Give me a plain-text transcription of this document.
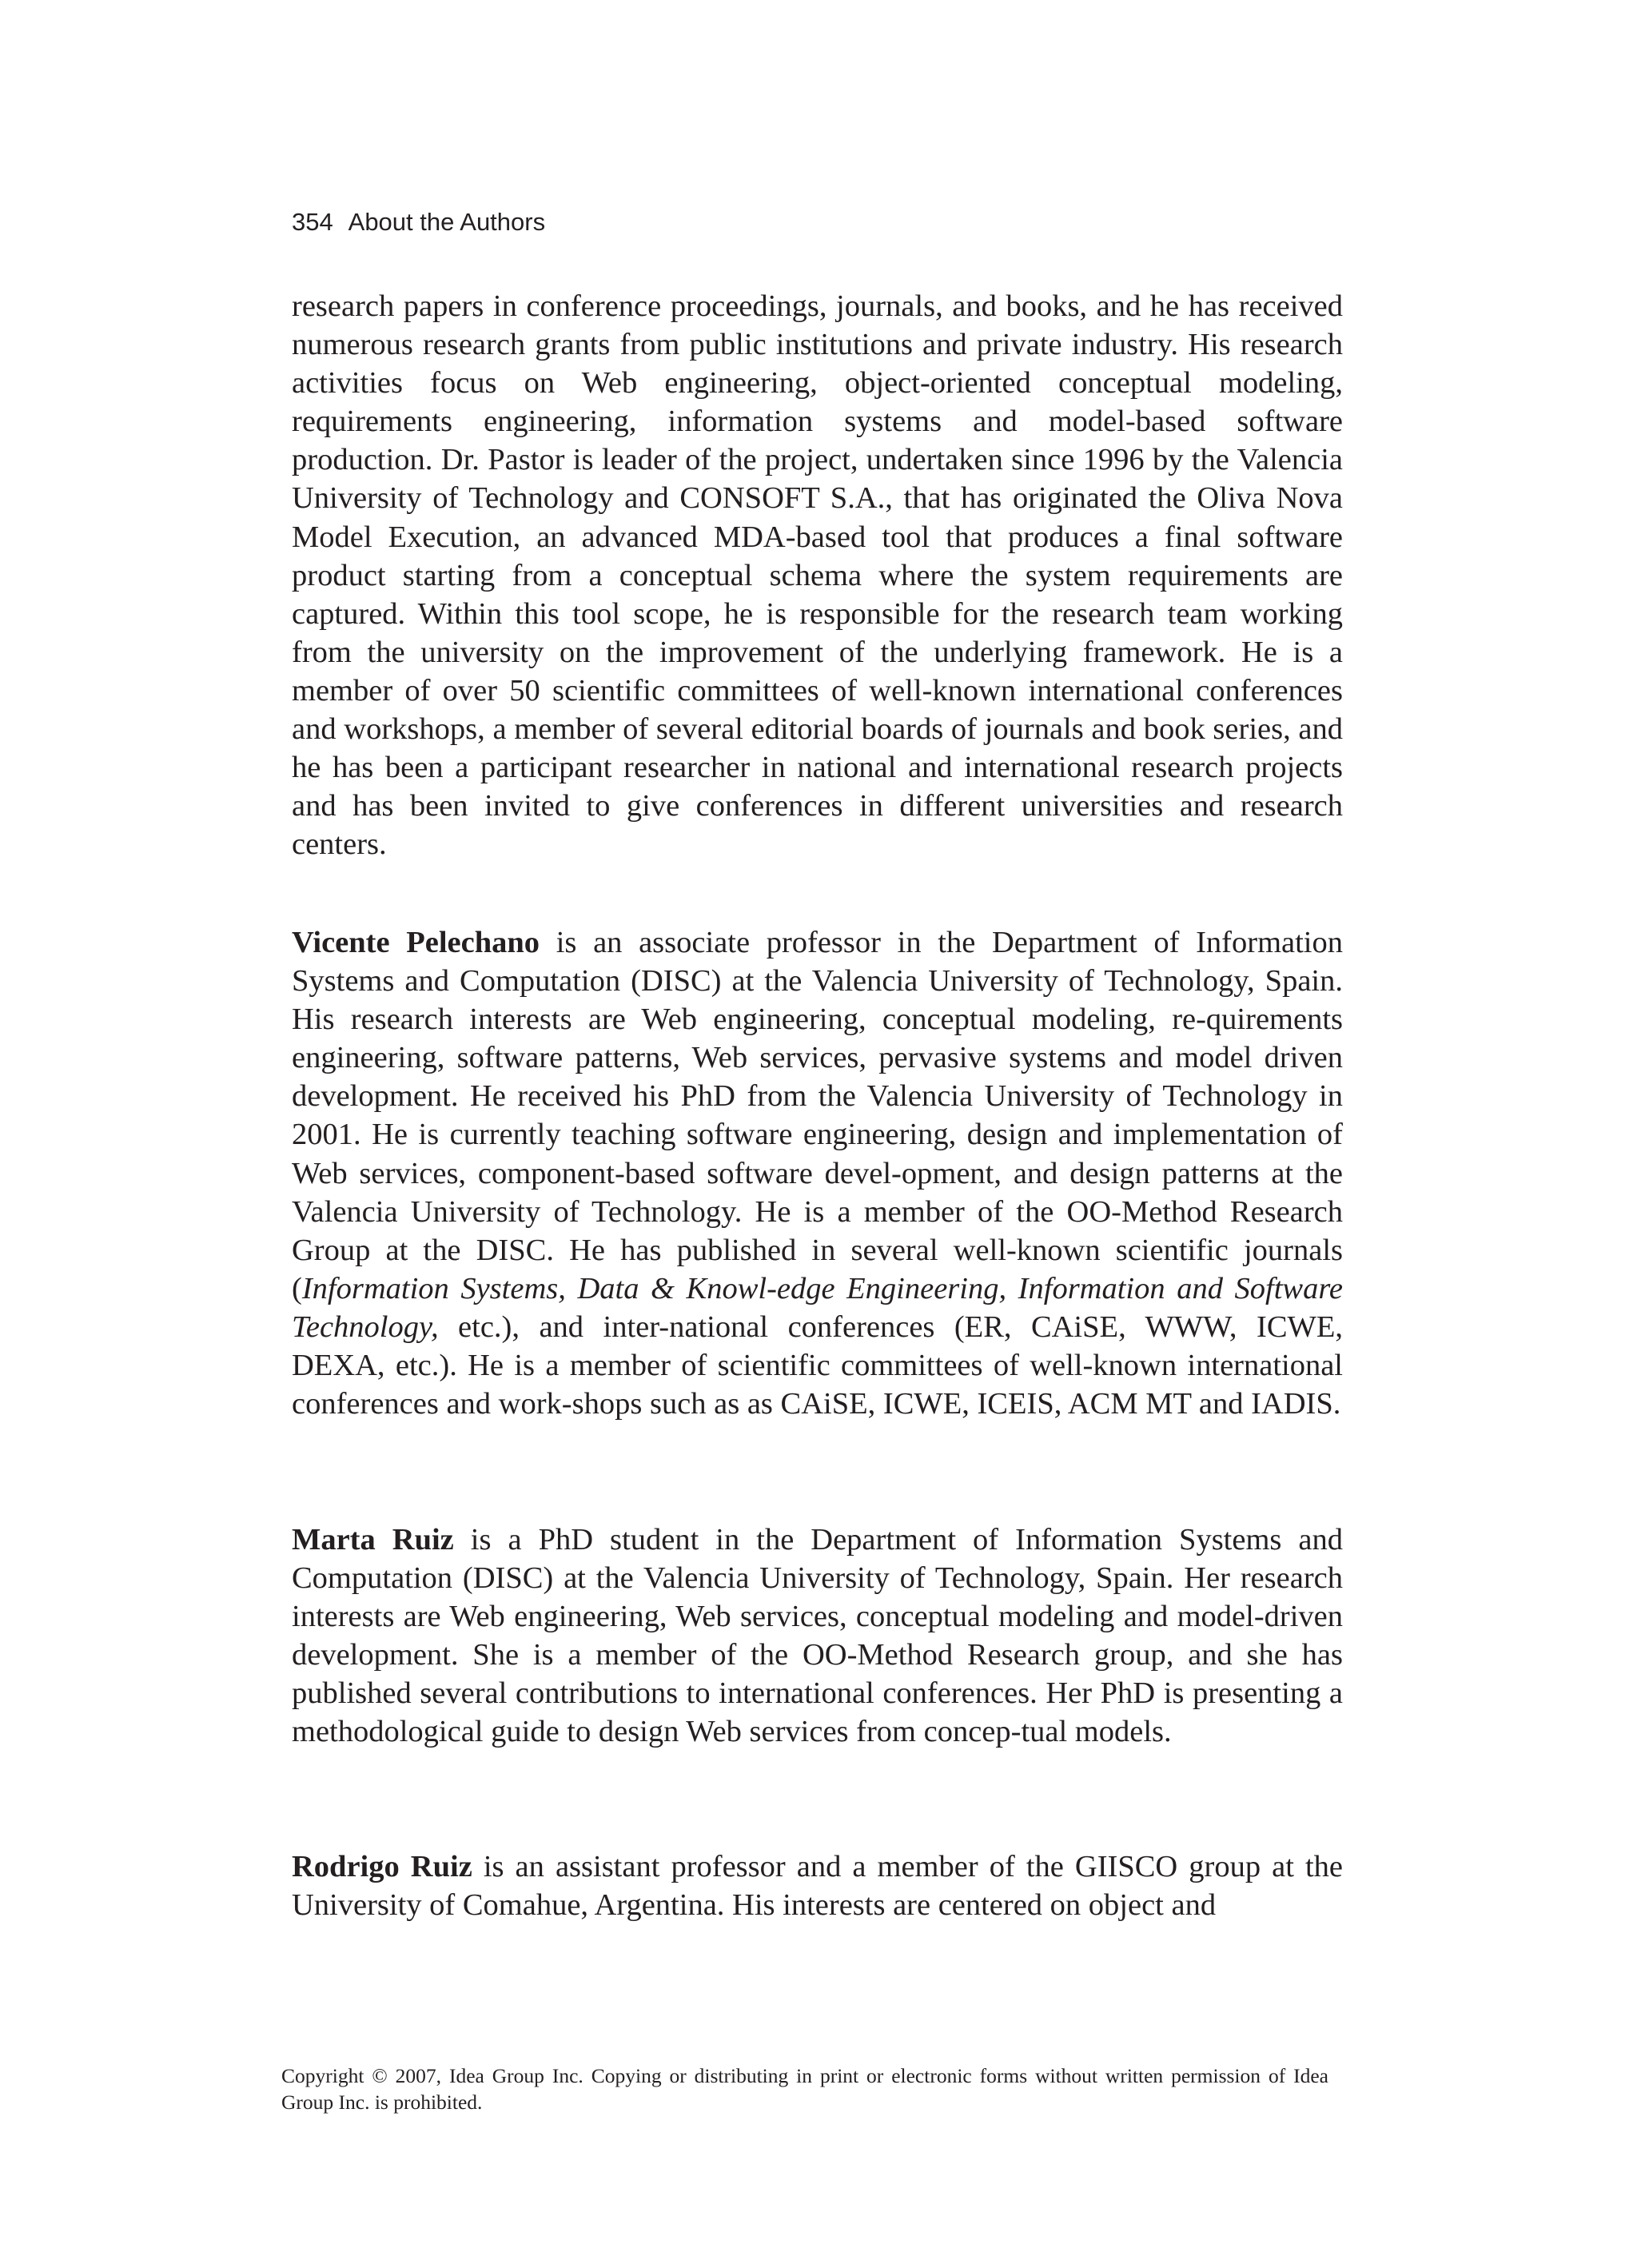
354 About the Authors

research papers in conference proceedings, journals, and books, and he has received numerous research grants from public institutions and private industry. His research activities focus on Web engineering, object-oriented conceptual modeling, requirements engineering, information systems and model-based software production. Dr. Pastor is leader of the project, undertaken since 1996 by the Valencia University of Technology and CONSOFT S.A., that has originated the Oliva Nova Model Execution, an advanced MDA-based tool that produces a final software product starting from a conceptual schema where the system requirements are captured. Within this tool scope, he is responsible for the research team working from the university on the improvement of the underlying framework. He is a member of over 50 scientific committees of well-known international conferences and workshops, a member of several editorial boards of journals and book series, and he has been a participant researcher in national and international research projects and has been invited to give conferences in different universities and research centers.

Vicente Pelechano is an associate professor in the Department of Information Systems and Computation (DISC) at the Valencia University of Technology, Spain. His research interests are Web engineering, conceptual modeling, re-quirements engineering, software patterns, Web services, pervasive systems and model driven development. He received his PhD from the Valencia University of Technology in 2001. He is currently teaching software engineering, design and implementation of Web services, component-based software devel-opment, and design patterns at the Valencia University of Technology. He is a member of the OO-Method Research Group at the DISC. He has published in several well-known scientific journals (Information Systems, Data & Knowl-edge Engineering, Information and Software Technology, etc.), and inter-national conferences (ER, CAiSE, WWW, ICWE, DEXA, etc.). He is a member of scientific committees of well-known international conferences and work-shops such as as CAiSE, ICWE, ICEIS, ACM MT and IADIS.

Marta Ruiz is a PhD student in the Department of Information Systems and Computation (DISC) at the Valencia University of Technology, Spain. Her research interests are Web engineering, Web services, conceptual modeling and model-driven development. She is a member of the OO-Method Research group, and she has published several contributions to international conferences. Her PhD is presenting a methodological guide to design Web services from concep-tual models.

Rodrigo Ruiz is an assistant professor and a member of the GIISCO group at the University of Comahue, Argentina. His interests are centered on object and

Copyright © 2007, Idea Group Inc. Copying or distributing in print or electronic forms without written permission of Idea Group Inc. is prohibited.
